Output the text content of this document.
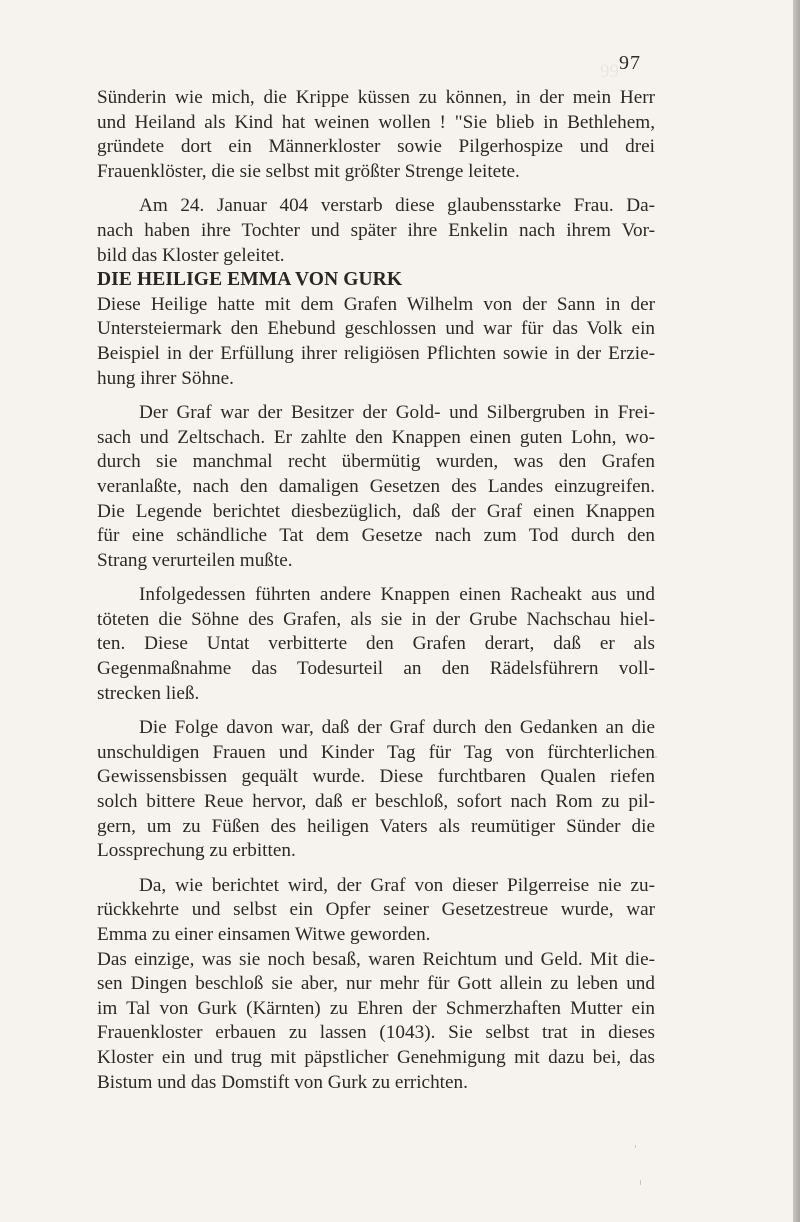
99 97
Sünderin wie mich, die Krippe küssen zu können, in der mein Herr
und Heiland als Kind hat weinen wollen ! "Sie blieb in Bethlehem,
gründete dort ein Männerkloster sowie Pilgerhospize und drei
Frauenklöster, die sie selbst mit größter Strenge leitete.
Am 24. Januar 404 verstarb diese glaubensstarke Frau. Da-
nach haben ihre Tochter und später ihre Enkelin nach ihrem Vor-
bild das Kloster geleitet.
DIE HEILIGE EMMA VON GURK
Diese Heilige hatte mit dem Grafen Wilhelm von der Sann in der
Untersteiermark den Ehebund geschlossen und war für das Volk ein
Beispiel in der Erfüllung ihrer religiösen Pflichten sowie in der Erzie-
hung ihrer Söhne.
Der Graf war der Besitzer der Gold- und Silbergruben in Frei-
sach und Zeltschach. Er zahlte den Knappen einen guten Lohn, wo-
durch sie manchmal recht übermütig wurden, was den Grafen
veranlaßte, nach den damaligen Gesetzen des Landes einzugreifen.
Die Legende berichtet diesbezüglich, daß der Graf einen Knappen
für eine schändliche Tat dem Gesetze nach zum Tod durch den
Strang verurteilen mußte.
Infolgedessen führten andere Knappen einen Racheakt aus und
töteten die Söhne des Grafen, als sie in der Grube Nachschau hiel-
ten. Diese Untat verbitterte den Grafen derart, daß er als
Gegenmaßnahme das Todesurteil an den Rädelsführern voll-
strecken ließ.
Die Folge davon war, daß der Graf durch den Gedanken an die
unschuldigen Frauen und Kinder Tag für Tag von fürchterlichen
Gewissensbissen gequält wurde. Diese furchtbaren Qualen riefen
solch bittere Reue hervor, daß er beschloß, sofort nach Rom zu pil-
gern, um zu Füßen des heiligen Vaters als reumütiger Sünder die
Lossprechung zu erbitten.
Da, wie berichtet wird, der Graf von dieser Pilgerreise nie zu-
rückkehrte und selbst ein Opfer seiner Gesetzestreue wurde, war
Emma zu einer einsamen Witwe geworden.
Das einzige, was sie noch besaß, waren Reichtum und Geld. Mit die-
sen Dingen beschloß sie aber, nur mehr für Gott allein zu leben und
im Tal von Gurk (Kärnten) zu Ehren der Schmerzhaften Mutter ein
Frauenkloster erbauen zu lassen (1043). Sie selbst trat in dieses
Kloster ein und trug mit päpstlicher Genehmigung mit dazu bei, das
Bistum und das Domstift von Gurk zu errichten.
